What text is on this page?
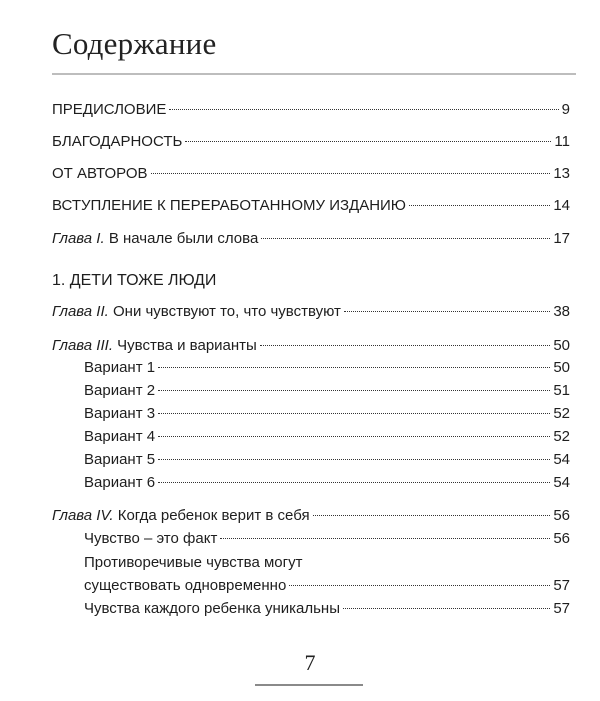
Содержание
ПРЕДИСЛОВИЕ	9
БЛАГОДАРНОСТЬ	11
ОТ АВТОРОВ	13
ВСТУПЛЕНИЕ К ПЕРЕРАБОТАННОМУ ИЗДАНИЮ	14
Глава I. В начале были слова	17
1. ДЕТИ ТОЖЕ ЛЮДИ
Глава II. Они чувствуют то, что чувствуют	38
Глава III. Чувства и варианты	50
Вариант 1	50
Вариант 2	51
Вариант 3	52
Вариант 4	52
Вариант 5	54
Вариант 6	54
Глава IV. Когда ребенок верит в себя	56
Чувство – это факт	56
Противоречивые чувства могут
существовать одновременно	57
Чувства каждого ребенка уникальны	57
7
